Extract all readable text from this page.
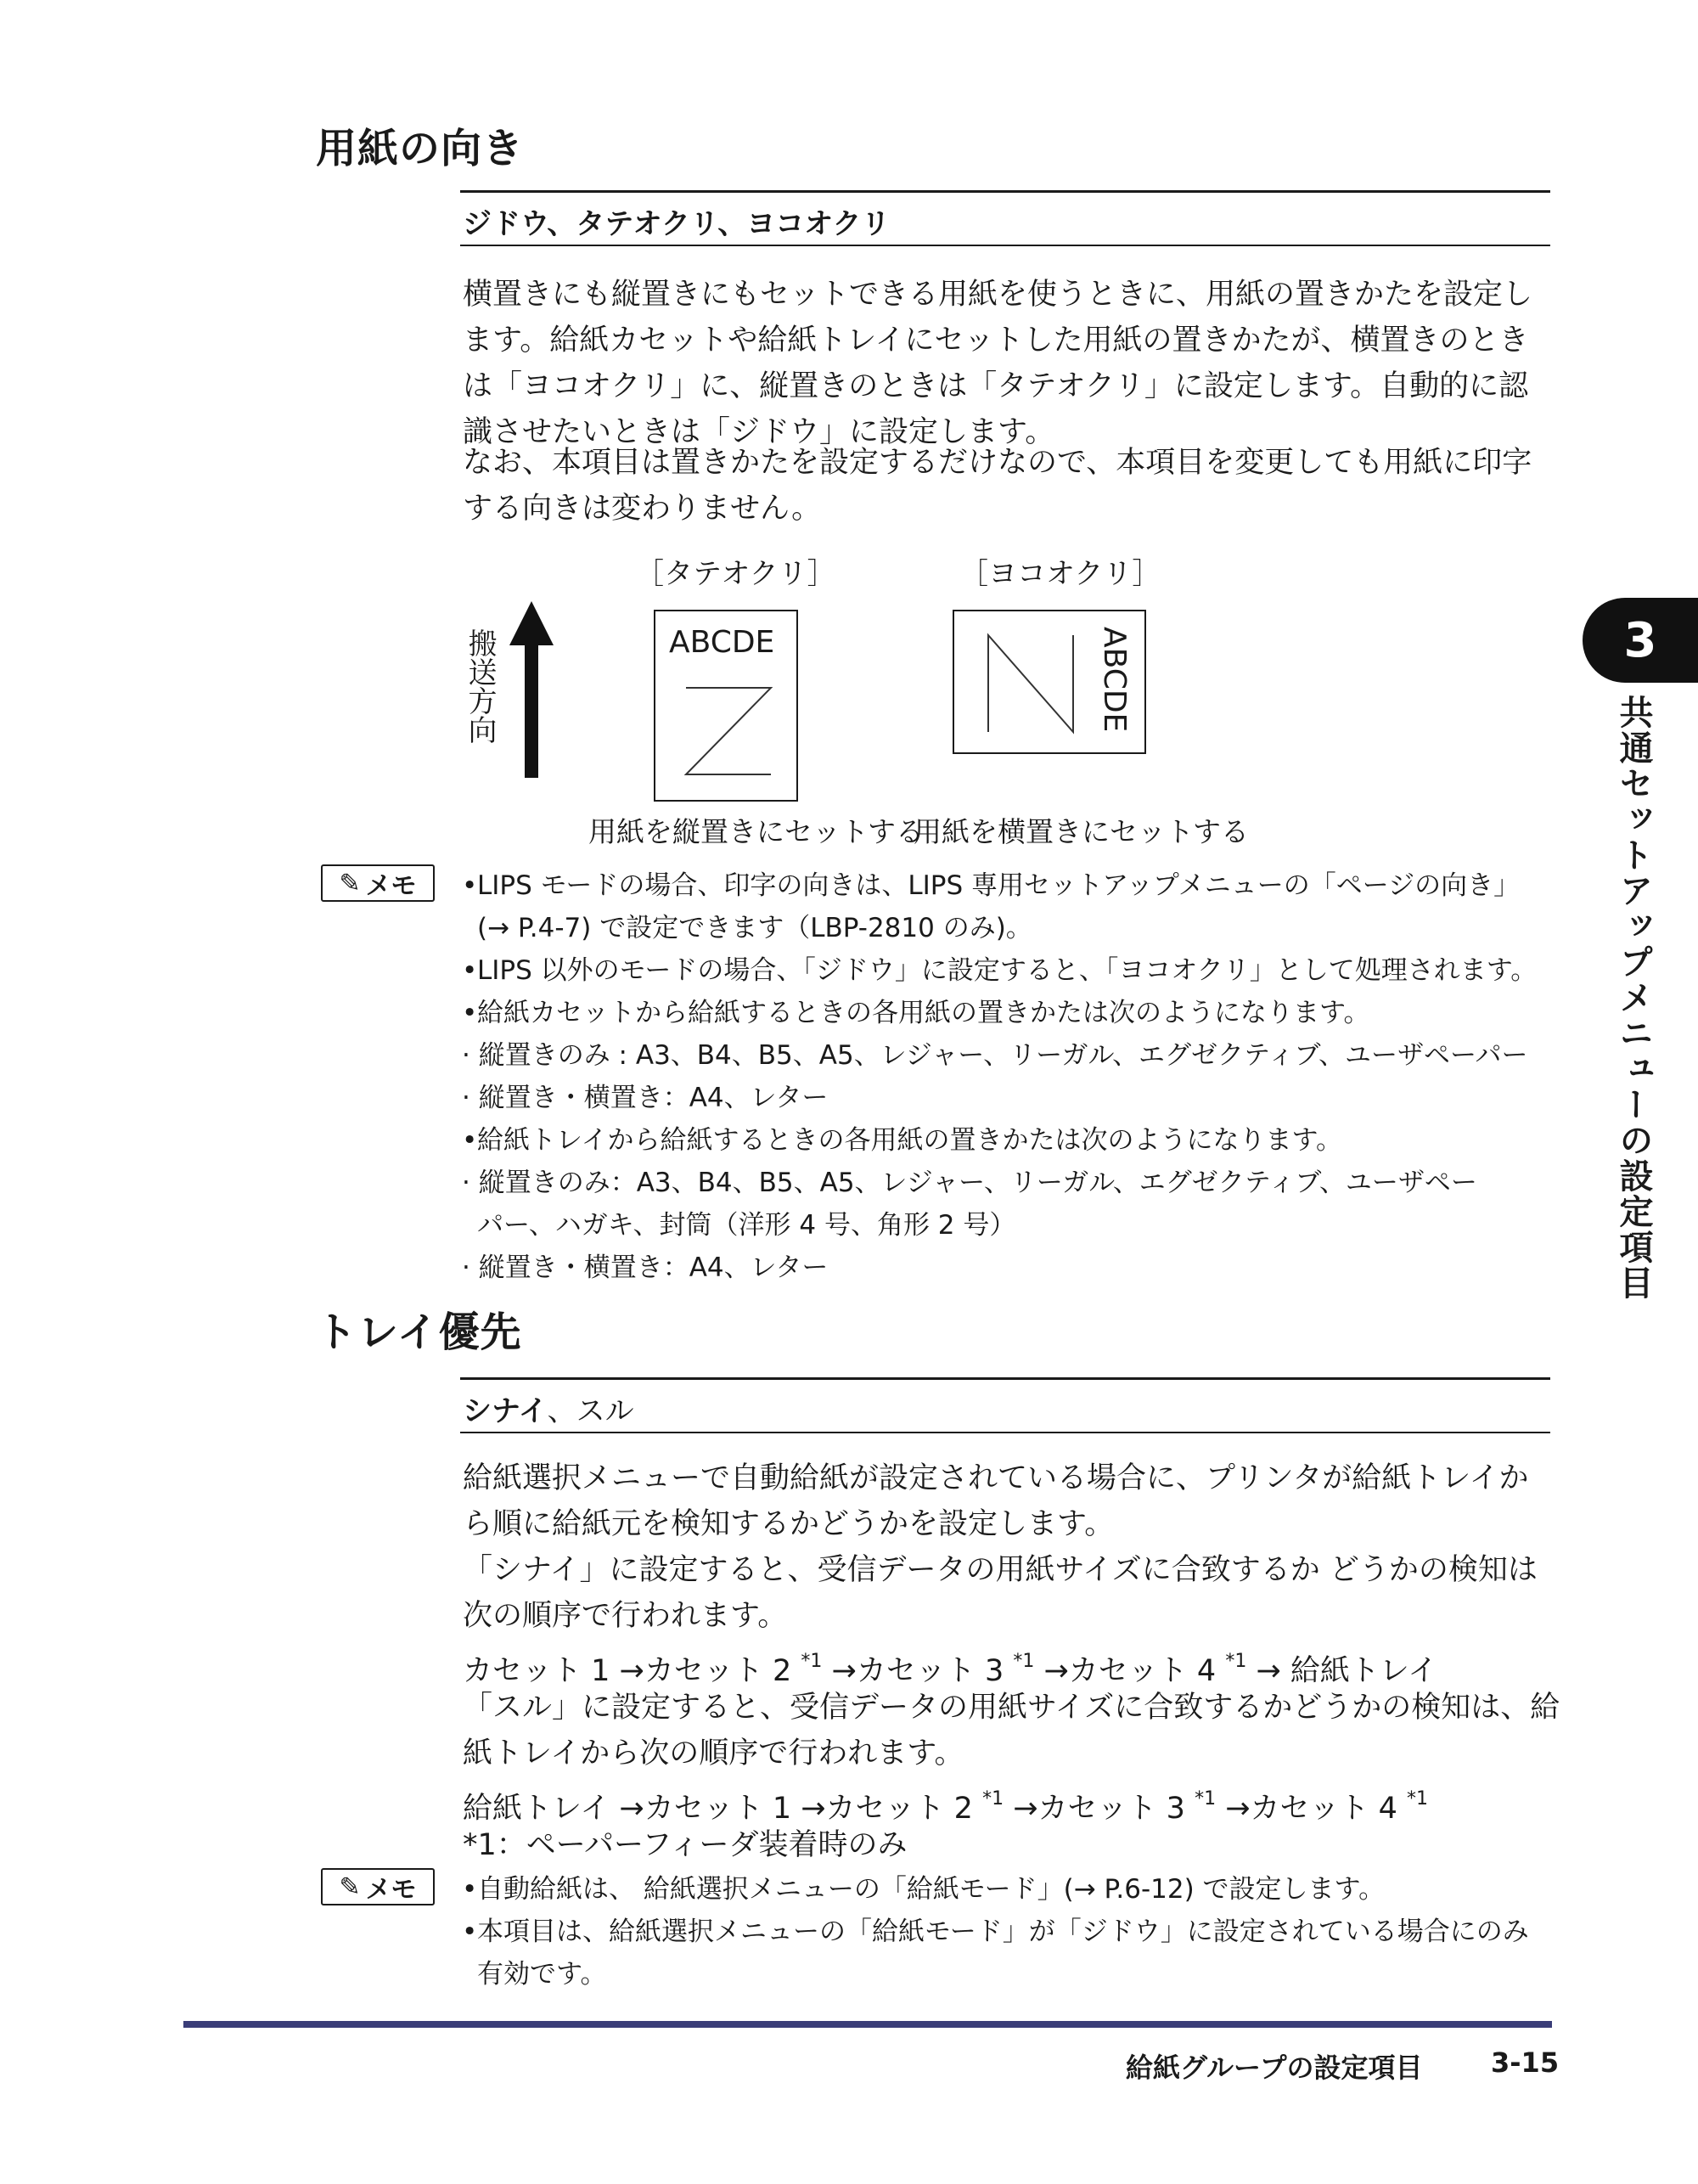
用紙の向き
ジドウ、タテオクリ、ヨコオクリ
横置きにも縦置きにもセットできる用紙を使うときに、用紙の置きかたを設定し
ます。給紙カセットや給紙トレイにセットした用紙の置きかたが、横置きのとき
は「ヨコオクリ」に、縦置きのときは「タテオクリ」に設定します。自動的に認
識させたいときは「ジドウ」に設定します。
なお、本項目は置きかたを設定するだけなので、本項目を変更しても用紙に印字
する向きは変わりません。
［タテオクリ］	［ヨコオクリ］
搬送方向	ABCDE	ABCDE
用紙を縦置きにセットする
用紙を横置きにセットする
✎ メモ	• LIPS モードの場合、印字の向きは、LIPS 専用セットアップメニューの「ページの向き」
(→ P.4-7) で設定できます（LBP-2810 のみ)。
• LIPS 以外のモードの場合、「ジドウ」に設定すると、「ヨコオクリ」として処理されます。
• 給紙カセットから給紙するときの各用紙の置きかたは次のようになります。
· 縦置きのみ : A3、B4、B5、A5、レジャー、リーガル、エグゼクティブ、ユーザペーパー
· 縦置き・横置き：A4、レター
• 給紙トレイから給紙するときの各用紙の置きかたは次のようになります。
· 縦置きのみ：A3、B4、B5、A5、レジャー、リーガル、エグゼクティブ、ユーザペー
パー、ハガキ、封筒（洋形 4 号、角形 2 号）
· 縦置き・横置き：A4、レター
トレイ優先
シナイ、スル
給紙選択メニューで自動給紙が設定されている場合に、プリンタが給紙トレイか
ら順に給紙元を検知するかどうかを設定します。
「シナイ」に設定すると、受信データの用紙サイズに合致するか どうかの検知は
次の順序で行われます。
カセット 1 →カセット 2 $^{*1}$ →カセット 3 $^{*1}$ →カセット 4 $^{*1}$ → 給紙トレイ
「スル」に設定すると、受信データの用紙サイズに合致するかどうかの検知は、給
紙トレイから次の順序で行われます。
給紙トレイ →カセット 1 →カセット 2 $^{*1}$ →カセット 3 $^{*1}$ →カセット 4 $^{*1}$
*1：ペーパーフィーダ装着時のみ
✎ メモ	• 自動給紙は、 給紙選択メニューの「給紙モード」(→ P.6-12) で設定します。
• 本項目は、給紙選択メニューの「給紙モード」が「ジドウ」に設定されている場合にのみ
有効です。
3
共通セットアップメニューの設定項目
給紙グループの設定項目	3-15
